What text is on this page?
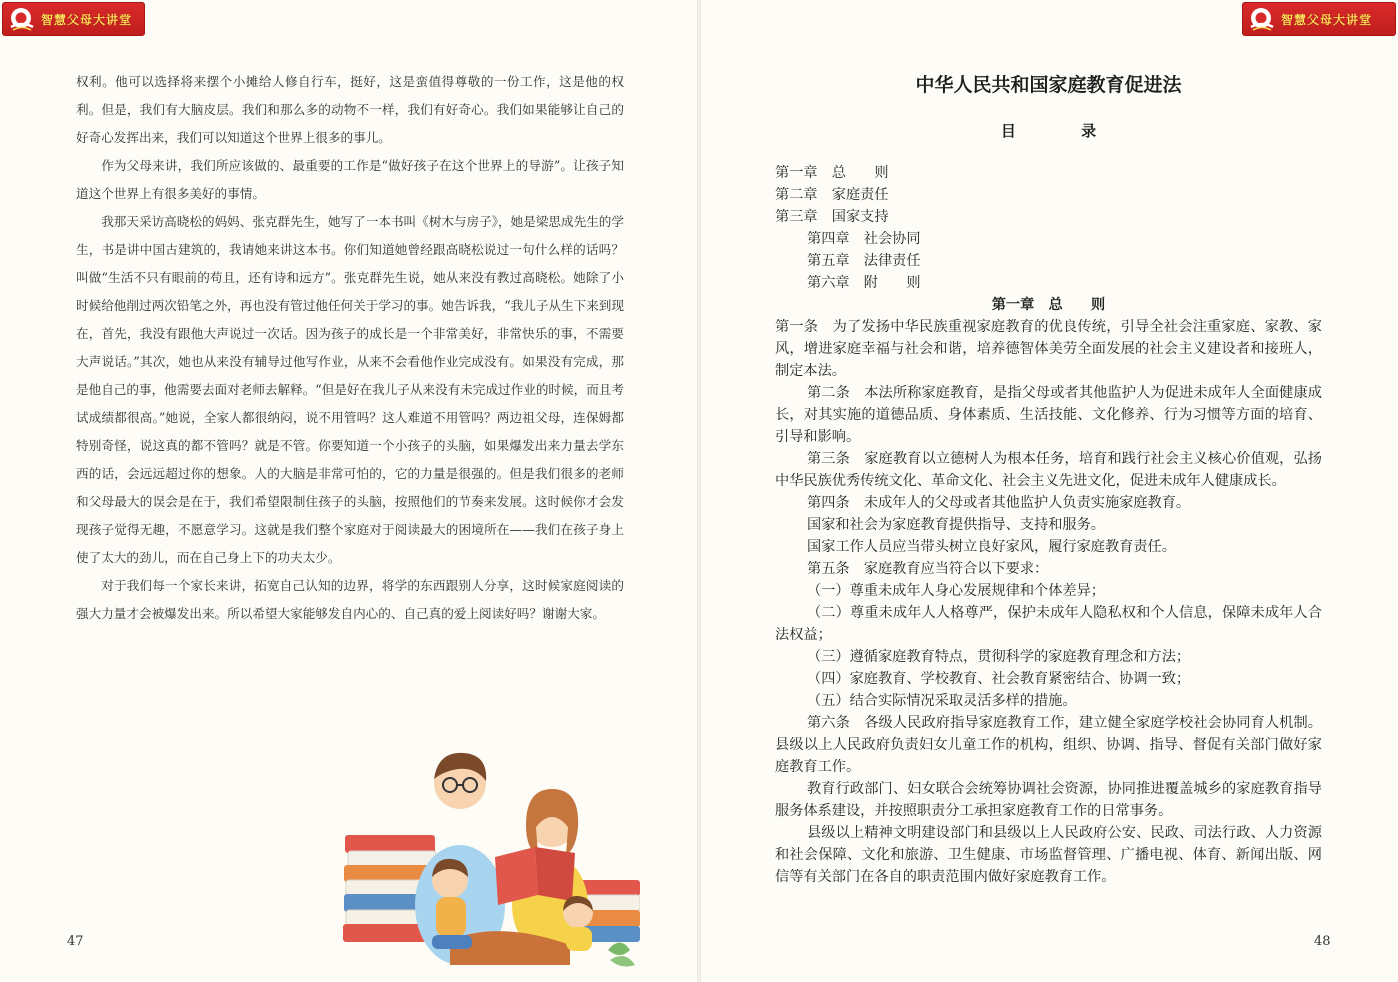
智慧父母大讲堂	智慧父母大讲堂

权利。他可以选择将来摆个小摊给人修自行车，挺好，这是蛮值得尊敬的一份工作，这是他的权利。但是，我们有大脑皮层。我们和那么多的动物不一样，我们有好奇心。我们如果能够让自己的好奇心发挥出来，我们可以知道这个世界上很多的事儿。

作为父母来讲，我们所应该做的、最重要的工作是“做好孩子在这个世界上的导游”。让孩子知道这个世界上有很多美好的事情。

我那天采访高晓松的妈妈、张克群先生，她写了一本书叫《树木与房子》，她是梁思成先生的学生，书是讲中国古建筑的，我请她来讲这本书。你们知道她曾经跟高晓松说过一句什么样的话吗？叫做“生活不只有眼前的苟且，还有诗和远方”。张克群先生说，她从来没有教过高晓松。她除了小时候给他削过两次铅笔之外，再也没有管过他任何关于学习的事。她告诉我，“我儿子从生下来到现在，首先，我没有跟他大声说过一次话。因为孩子的成长是一个非常美好，非常快乐的事，不需要大声说话。”其次，她也从来没有辅导过他写作业，从来不会看他作业完成没有。如果没有完成，那是他自己的事，他需要去面对老师去解释。“但是好在我儿子从来没有未完成过作业的时候，而且考试成绩都很高。”她说，全家人都很纳闷，说不用管吗？这人难道不用管吗？两边祖父母，连保姆都特别奇怪，说这真的都不管吗？就是不管。你要知道一个小孩子的头脑，如果爆发出来力量去学东西的话，会远远超过你的想象。人的大脑是非常可怕的，它的力量是很强的。但是我们很多的老师和父母最大的误会是在于，我们希望限制住孩子的头脑，按照他们的节奏来发展。这时候你才会发现孩子觉得无趣，不愿意学习。这就是我们整个家庭对于阅读最大的困境所在——我们在孩子身上使了太大的劲儿，而在自己身上下的功夫太少。

对于我们每一个家长来讲，拓宽自己认知的边界，将学的东西跟别人分享，这时候家庭阅读的强大力量才会被爆发出来。所以希望大家能够发自内心的、自己真的爱上阅读好吗？谢谢大家。

47
中华人民共和国家庭教育促进法
目 录
第一章　总　　则
第二章　家庭责任
第三章　国家支持
第四章　社会协同
第五章　法律责任
第六章　附　　则
第一章　总　　则

第一条　为了发扬中华民族重视家庭教育的优良传统，引导全社会注重家庭、家教、家风，增进家庭幸福与社会和谐，培养德智体美劳全面发展的社会主义建设者和接班人，制定本法。

第二条　本法所称家庭教育，是指父母或者其他监护人为促进未成年人全面健康成长，对其实施的道德品质、身体素质、生活技能、文化修养、行为习惯等方面的培育、引导和影响。

第三条　家庭教育以立德树人为根本任务，培育和践行社会主义核心价值观，弘扬中华民族优秀传统文化、革命文化、社会主义先进文化，促进未成年人健康成长。

第四条　未成年人的父母或者其他监护人负责实施家庭教育。

国家和社会为家庭教育提供指导、支持和服务。

国家工作人员应当带头树立良好家风，履行家庭教育责任。

第五条　家庭教育应当符合以下要求：

（一）尊重未成年人身心发展规律和个体差异；

（二）尊重未成年人人格尊严，保护未成年人隐私权和个人信息，保障未成年人合法权益；

（三）遵循家庭教育特点，贯彻科学的家庭教育理念和方法；

（四）家庭教育、学校教育、社会教育紧密结合、协调一致；

（五）结合实际情况采取灵活多样的措施。

第六条　各级人民政府指导家庭教育工作，建立健全家庭学校社会协同育人机制。县级以上人民政府负责妇女儿童工作的机构，组织、协调、指导、督促有关部门做好家庭教育工作。

教育行政部门、妇女联合会统筹协调社会资源，协同推进覆盖城乡的家庭教育指导服务体系建设，并按照职责分工承担家庭教育工作的日常事务。

县级以上精神文明建设部门和县级以上人民政府公安、民政、司法行政、人力资源和社会保障、文化和旅游、卫生健康、市场监督管理、广播电视、体育、新闻出版、网信等有关部门在各自的职责范围内做好家庭教育工作。

48
